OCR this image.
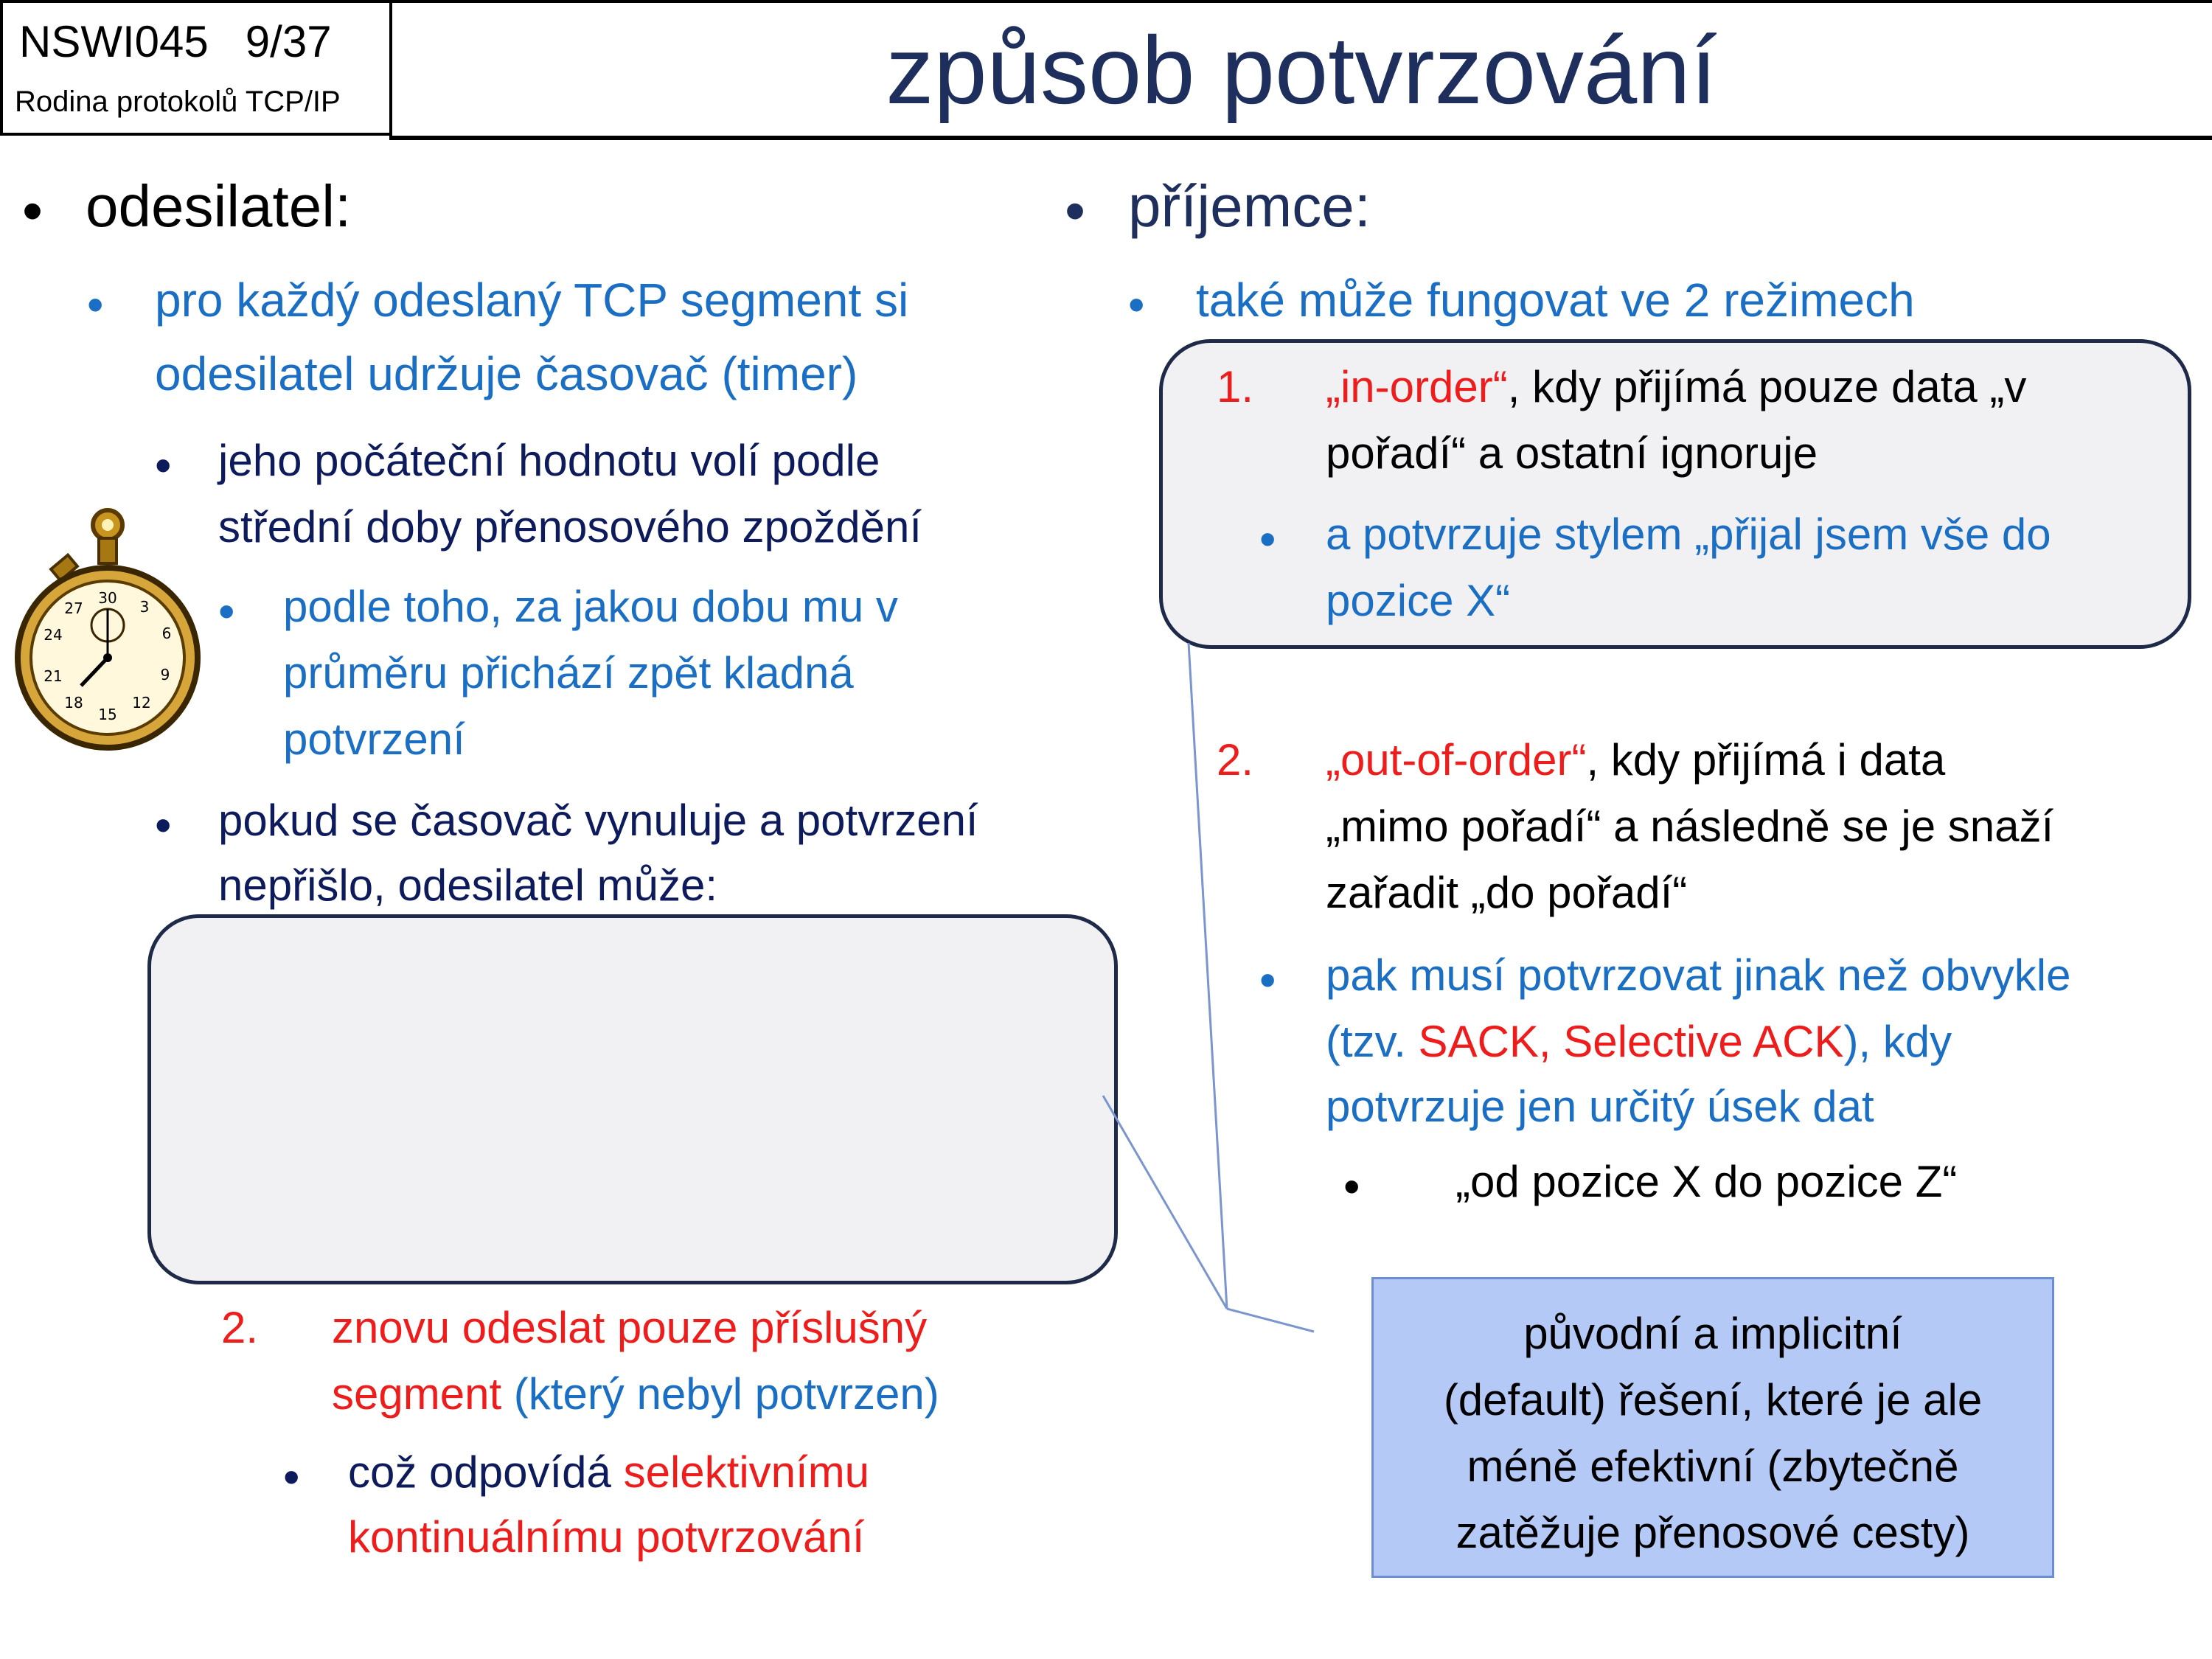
NSWI045 9/37
Rodina protokolů TCP/IP	způsob potvrzování
původní a implicitní
(default) řešení, které je ale
méně efektivní (zbytečně
zatěžuje přenosové cesty)
30 3
6
9
12
15
18
21
24
27
• odesilatel:
• pro každý odeslaný TCP segment si
odesilatel udržuje časovač (timer)
• jeho počáteční hodnotu volí podle
střední doby přenosového zpoždění
• podle toho, za jakou dobu mu v
průměru přichází zpět kladná
potvrzení
• pokud se časovač vynuluje a potvrzení
nepřišlo, odesilatel může:
2. znovu odeslat pouze příslušný
segment (který nebyl potvrzen)
• což odpovídá selektivnímu
kontinuálnímu potvrzování
• příjemce:
• také může fungovat ve 2 režimech
1. „in-order“, kdy přijímá pouze data „v
pořadí“ a ostatní ignoruje
• a potvrzuje stylem „přijal jsem vše do
pozice X“
2. „out-of-order“, kdy přijímá i data
„mimo pořadí“ a následně se je snaží
zařadit „do pořadí“
• pak musí potvrzovat jinak než obvykle
(tzv. SACK, Selective ACK), kdy
potvrzuje jen určitý úsek dat
• „od pozice X do pozice Z“
